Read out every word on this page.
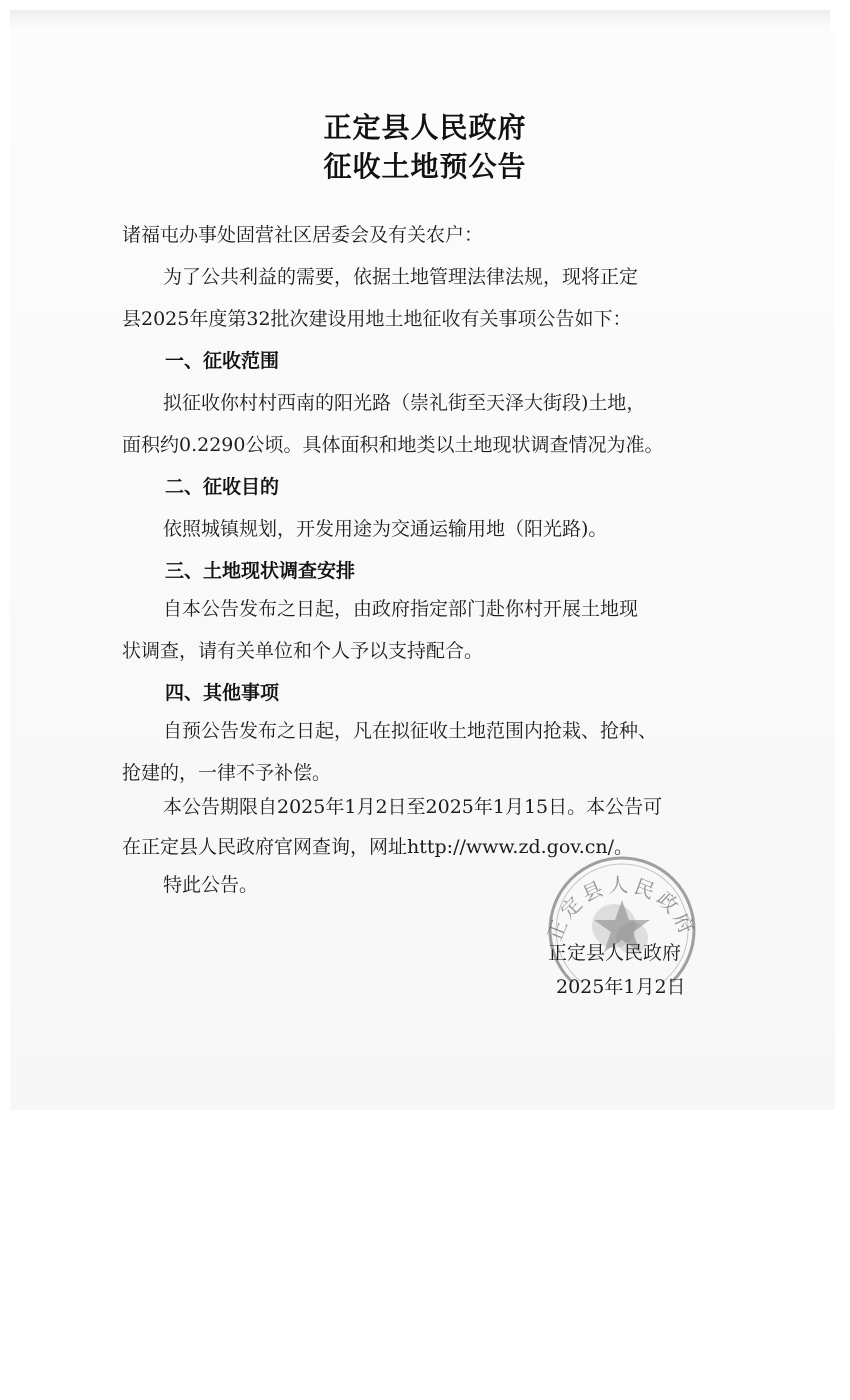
正定县人民政府
征收土地预公告
诸福屯办事处固营社区居委会及有关农户：
为了公共利益的需要，依据土地管理法律法规，现将正定
县2025年度第32批次建设用地土地征收有关事项公告如下：
一、征收范围
拟征收你村村西南的阳光路（崇礼街至天泽大街段)土地，
面积约0.2290公顷。具体面积和地类以土地现状调查情况为准。
二、征收目的
依照城镇规划，开发用途为交通运输用地（阳光路)。
三、土地现状调查安排
自本公告发布之日起，由政府指定部门赴你村开展土地现
状调查，请有关单位和个人予以支持配合。
四、其他事项
自预公告发布之日起，凡在拟征收土地范围内抢栽、抢种、
抢建的，一律不予补偿。
本公告期限自2025年1月2日至2025年1月15日。本公告可
在正定县人民政府官网查询，网址http://www.zd.gov.cn/。
特此公告。
正定县人民政府
正定县人民政府
2025年1月2日
